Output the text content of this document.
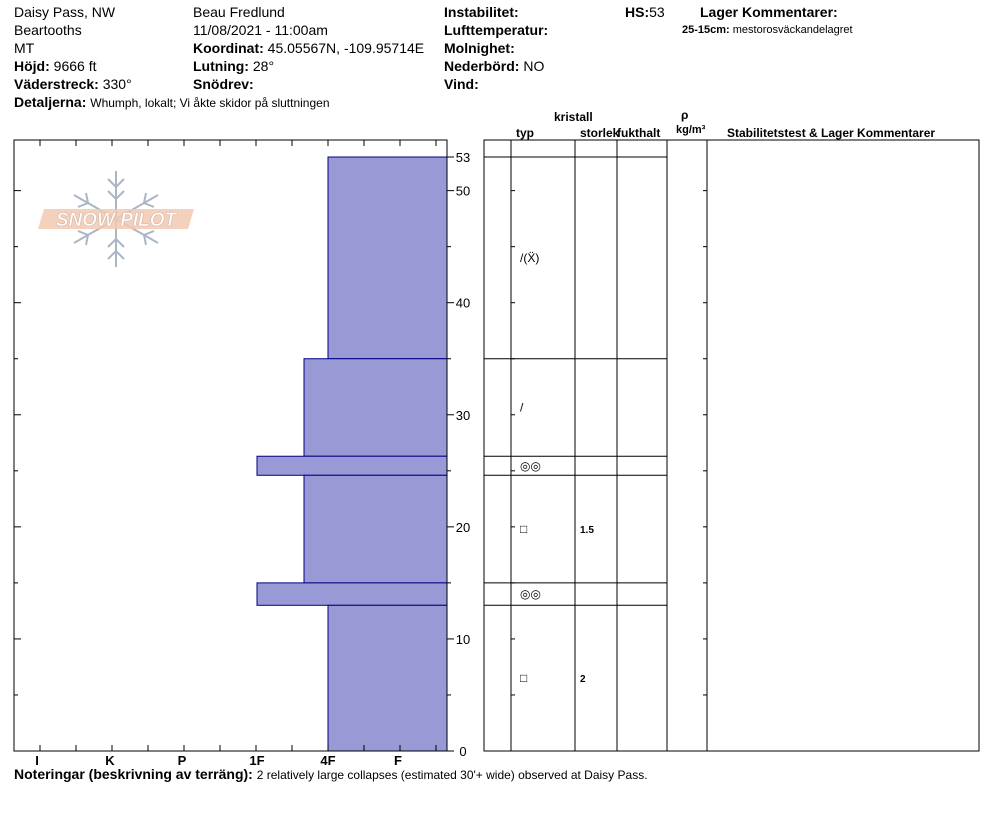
Daisy Pass, NW
Beartooths
MT
Höjd: 9666 ft
Väderstreck: 330°
Detaljerna: Whumph, lokalt; Vi åkte skidor på sluttningen
Beau Fredlund
11/08/2021 - 11:00am
Koordinat: 45.05567N, -109.95714E
Lutning: 28°
Snödrev:
Instabilitet:
Lufttemperatur:
Molnighet:
Nederbörd: NO
Vind:
HS:53	Lager Kommentarer:
25-15cm: mestorosväckandelagret
kristall
typ	storlek
fukthalt
ρ
kg/m³ Stabilitetstest & Lager Kommentarer
SNOW PILOT
0
10
20
30
40
50
53
I	K	P	1F	4F	F
/(Ẍ)
/
◎◎
□	1.5
◎◎
□	2
Noteringar (beskrivning av terräng): 2 relatively large collapses (estimated 30'+ wide) observed at Daisy Pass.
